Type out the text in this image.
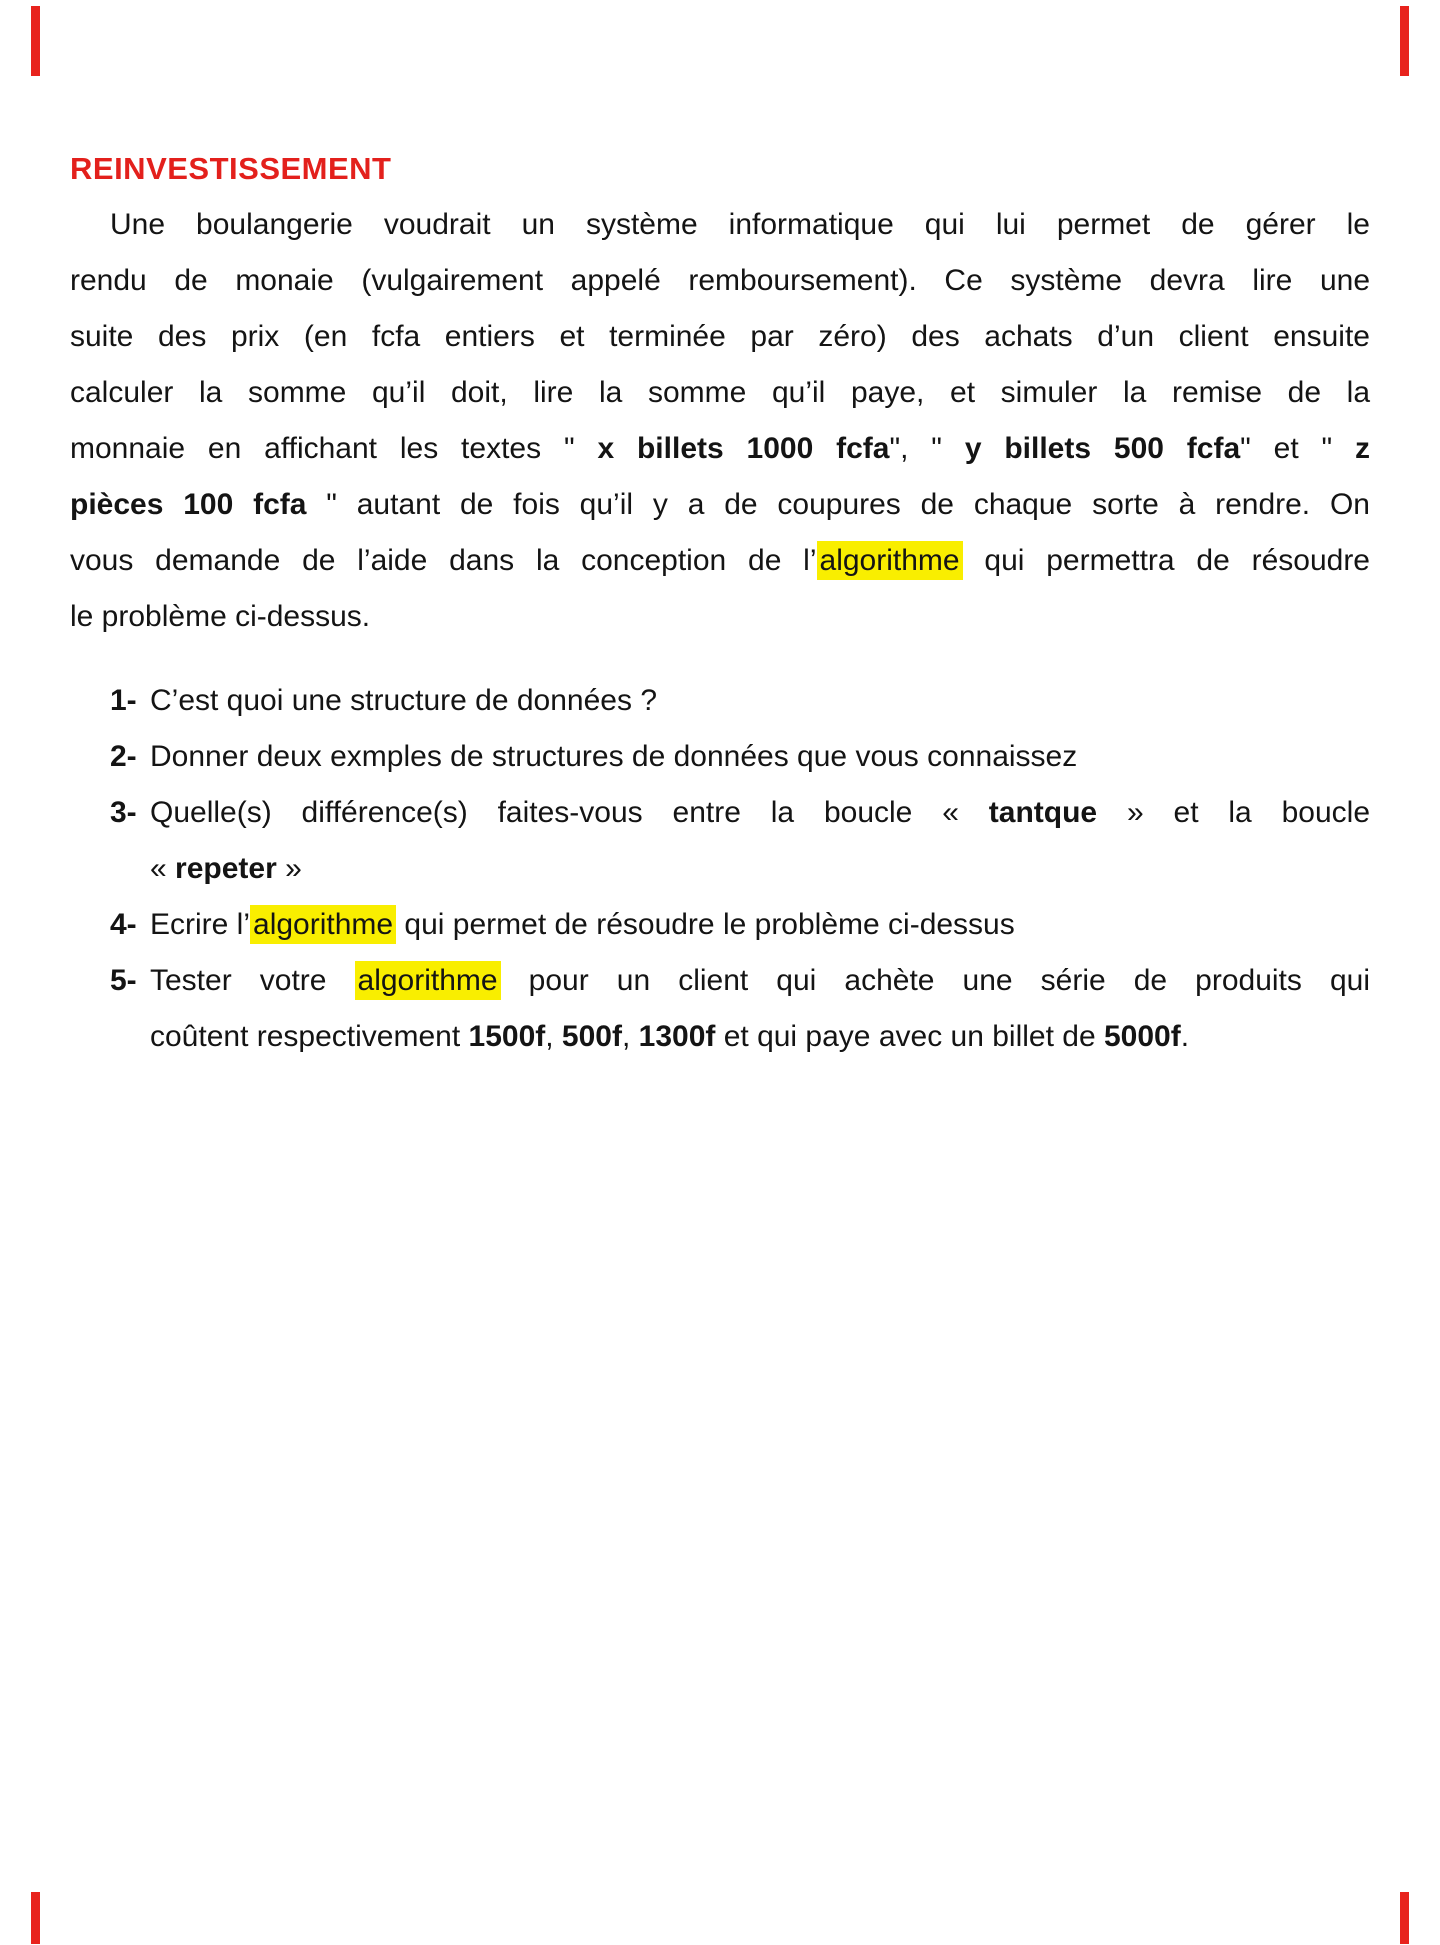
REINVESTISSEMENT
Une boulangerie voudrait un système informatique qui lui permet de gérer le
rendu de monaie (vulgairement appelé remboursement). Ce système devra lire une
suite des prix (en fcfa entiers et terminée par zéro) des achats d’un client ensuite
calculer la somme qu’il doit, lire la somme qu’il paye, et simuler la remise de la
monnaie en affichant les textes " x billets 1000 fcfa", " y billets 500 fcfa" et " z
pièces 100 fcfa " autant de fois qu’il y a de coupures de chaque sorte à rendre. On
vous demande de l’aide dans la conception de l’ algorithme qui permettra de résoudre
le problème ci-dessus.
1- C’est quoi une structure de données ?
2- Donner deux exmples de structures de données que vous connaissez
3- Quelle(s) différence(s) faites-vous entre la boucle « tantque » et la boucle
« repeter »
4- Ecrire l’ algorithme qui permet de résoudre le problème ci-dessus
5- Tester votre algorithme pour un client qui achète une série de produits qui
coûtent respectivement 1500f, 500f, 1300f et qui paye avec un billet de 5000f.
